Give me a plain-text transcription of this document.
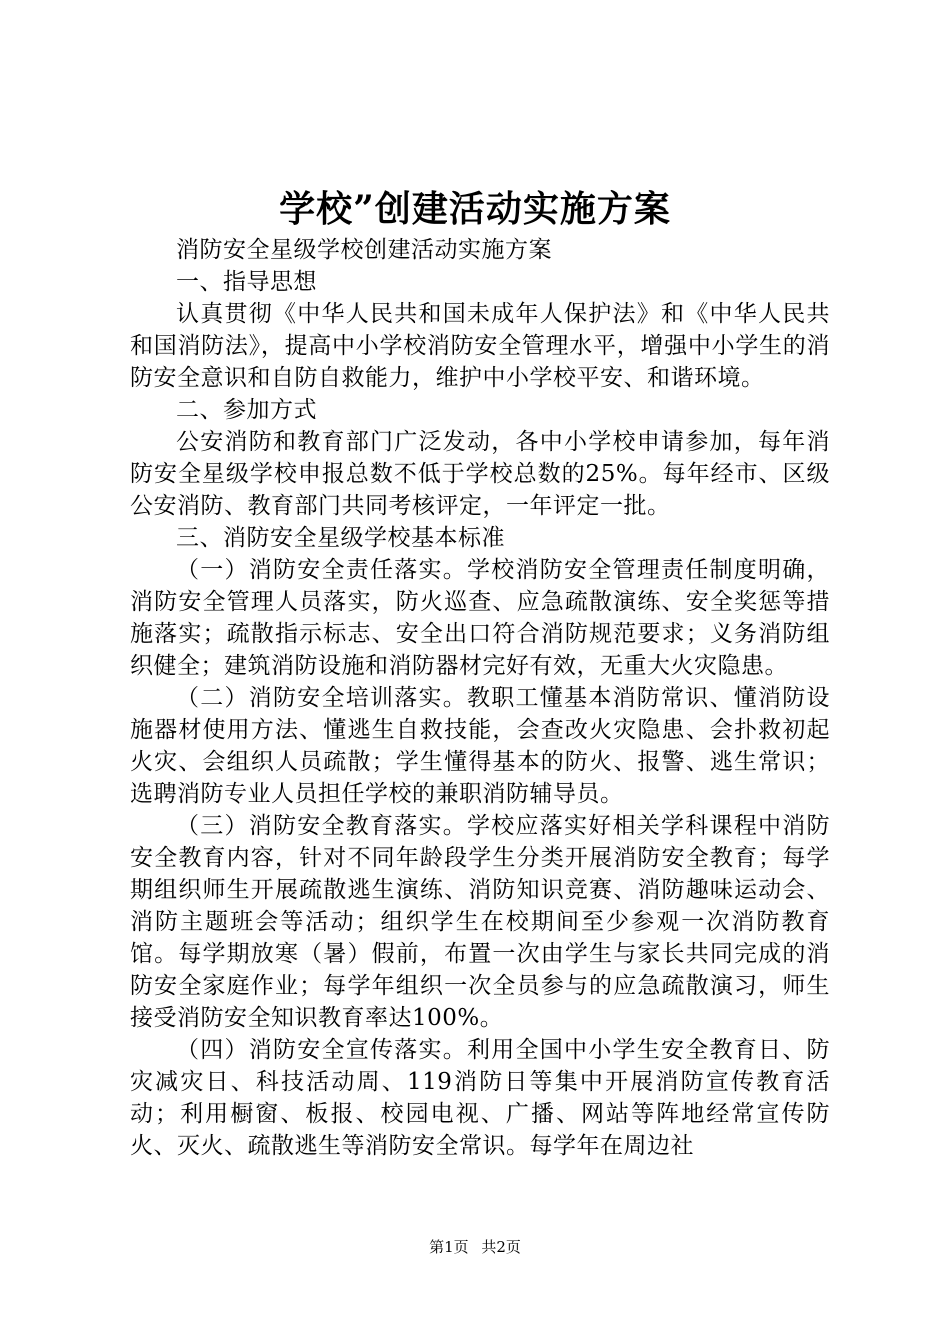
学校”创建活动实施方案

消防安全星级学校创建活动实施方案

一、指导思想

认真贯彻《中华人民共和国未成年人保护法》和《中华人民共和国消防法》，提高中小学校消防安全管理水平，增强中小学生的消防安全意识和自防自救能力，维护中小学校平安、和谐环境。

二、参加方式

公安消防和教育部门广泛发动，各中小学校申请参加，每年消防安全星级学校申报总数不低于学校总数的25%。每年经市、区级公安消防、教育部门共同考核评定，一年评定一批。

三、消防安全星级学校基本标准

（一）消防安全责任落实。学校消防安全管理责任制度明确，消防安全管理人员落实，防火巡查、应急疏散演练、安全奖惩等措施落实；疏散指示标志、安全出口符合消防规范要求；义务消防组织健全；建筑消防设施和消防器材完好有效，无重大火灾隐患。

（二）消防安全培训落实。教职工懂基本消防常识、懂消防设施器材使用方法、懂逃生自救技能，会查改火灾隐患、会扑救初起火灾、会组织人员疏散；学生懂得基本的防火、报警、逃生常识；选聘消防专业人员担任学校的兼职消防辅导员。

（三）消防安全教育落实。学校应落实好相关学科课程中消防安全教育内容，针对不同年龄段学生分类开展消防安全教育；每学期组织师生开展疏散逃生演练、消防知识竞赛、消防趣味运动会、消防主题班会等活动；组织学生在校期间至少参观一次消防教育馆。每学期放寒（暑）假前，布置一次由学生与家长共同完成的消防安全家庭作业；每学年组织一次全员参与的应急疏散演习，师生接受消防安全知识教育率达100%。

（四）消防安全宣传落实。利用全国中小学生安全教育日、防灾减灾日、科技活动周、119消防日等集中开展消防宣传教育活动；利用橱窗、板报、校园电视、广播、网站等阵地经常宣传防火、灭火、疏散逃生等消防安全常识。每学年在周边社

第1页 共2页
